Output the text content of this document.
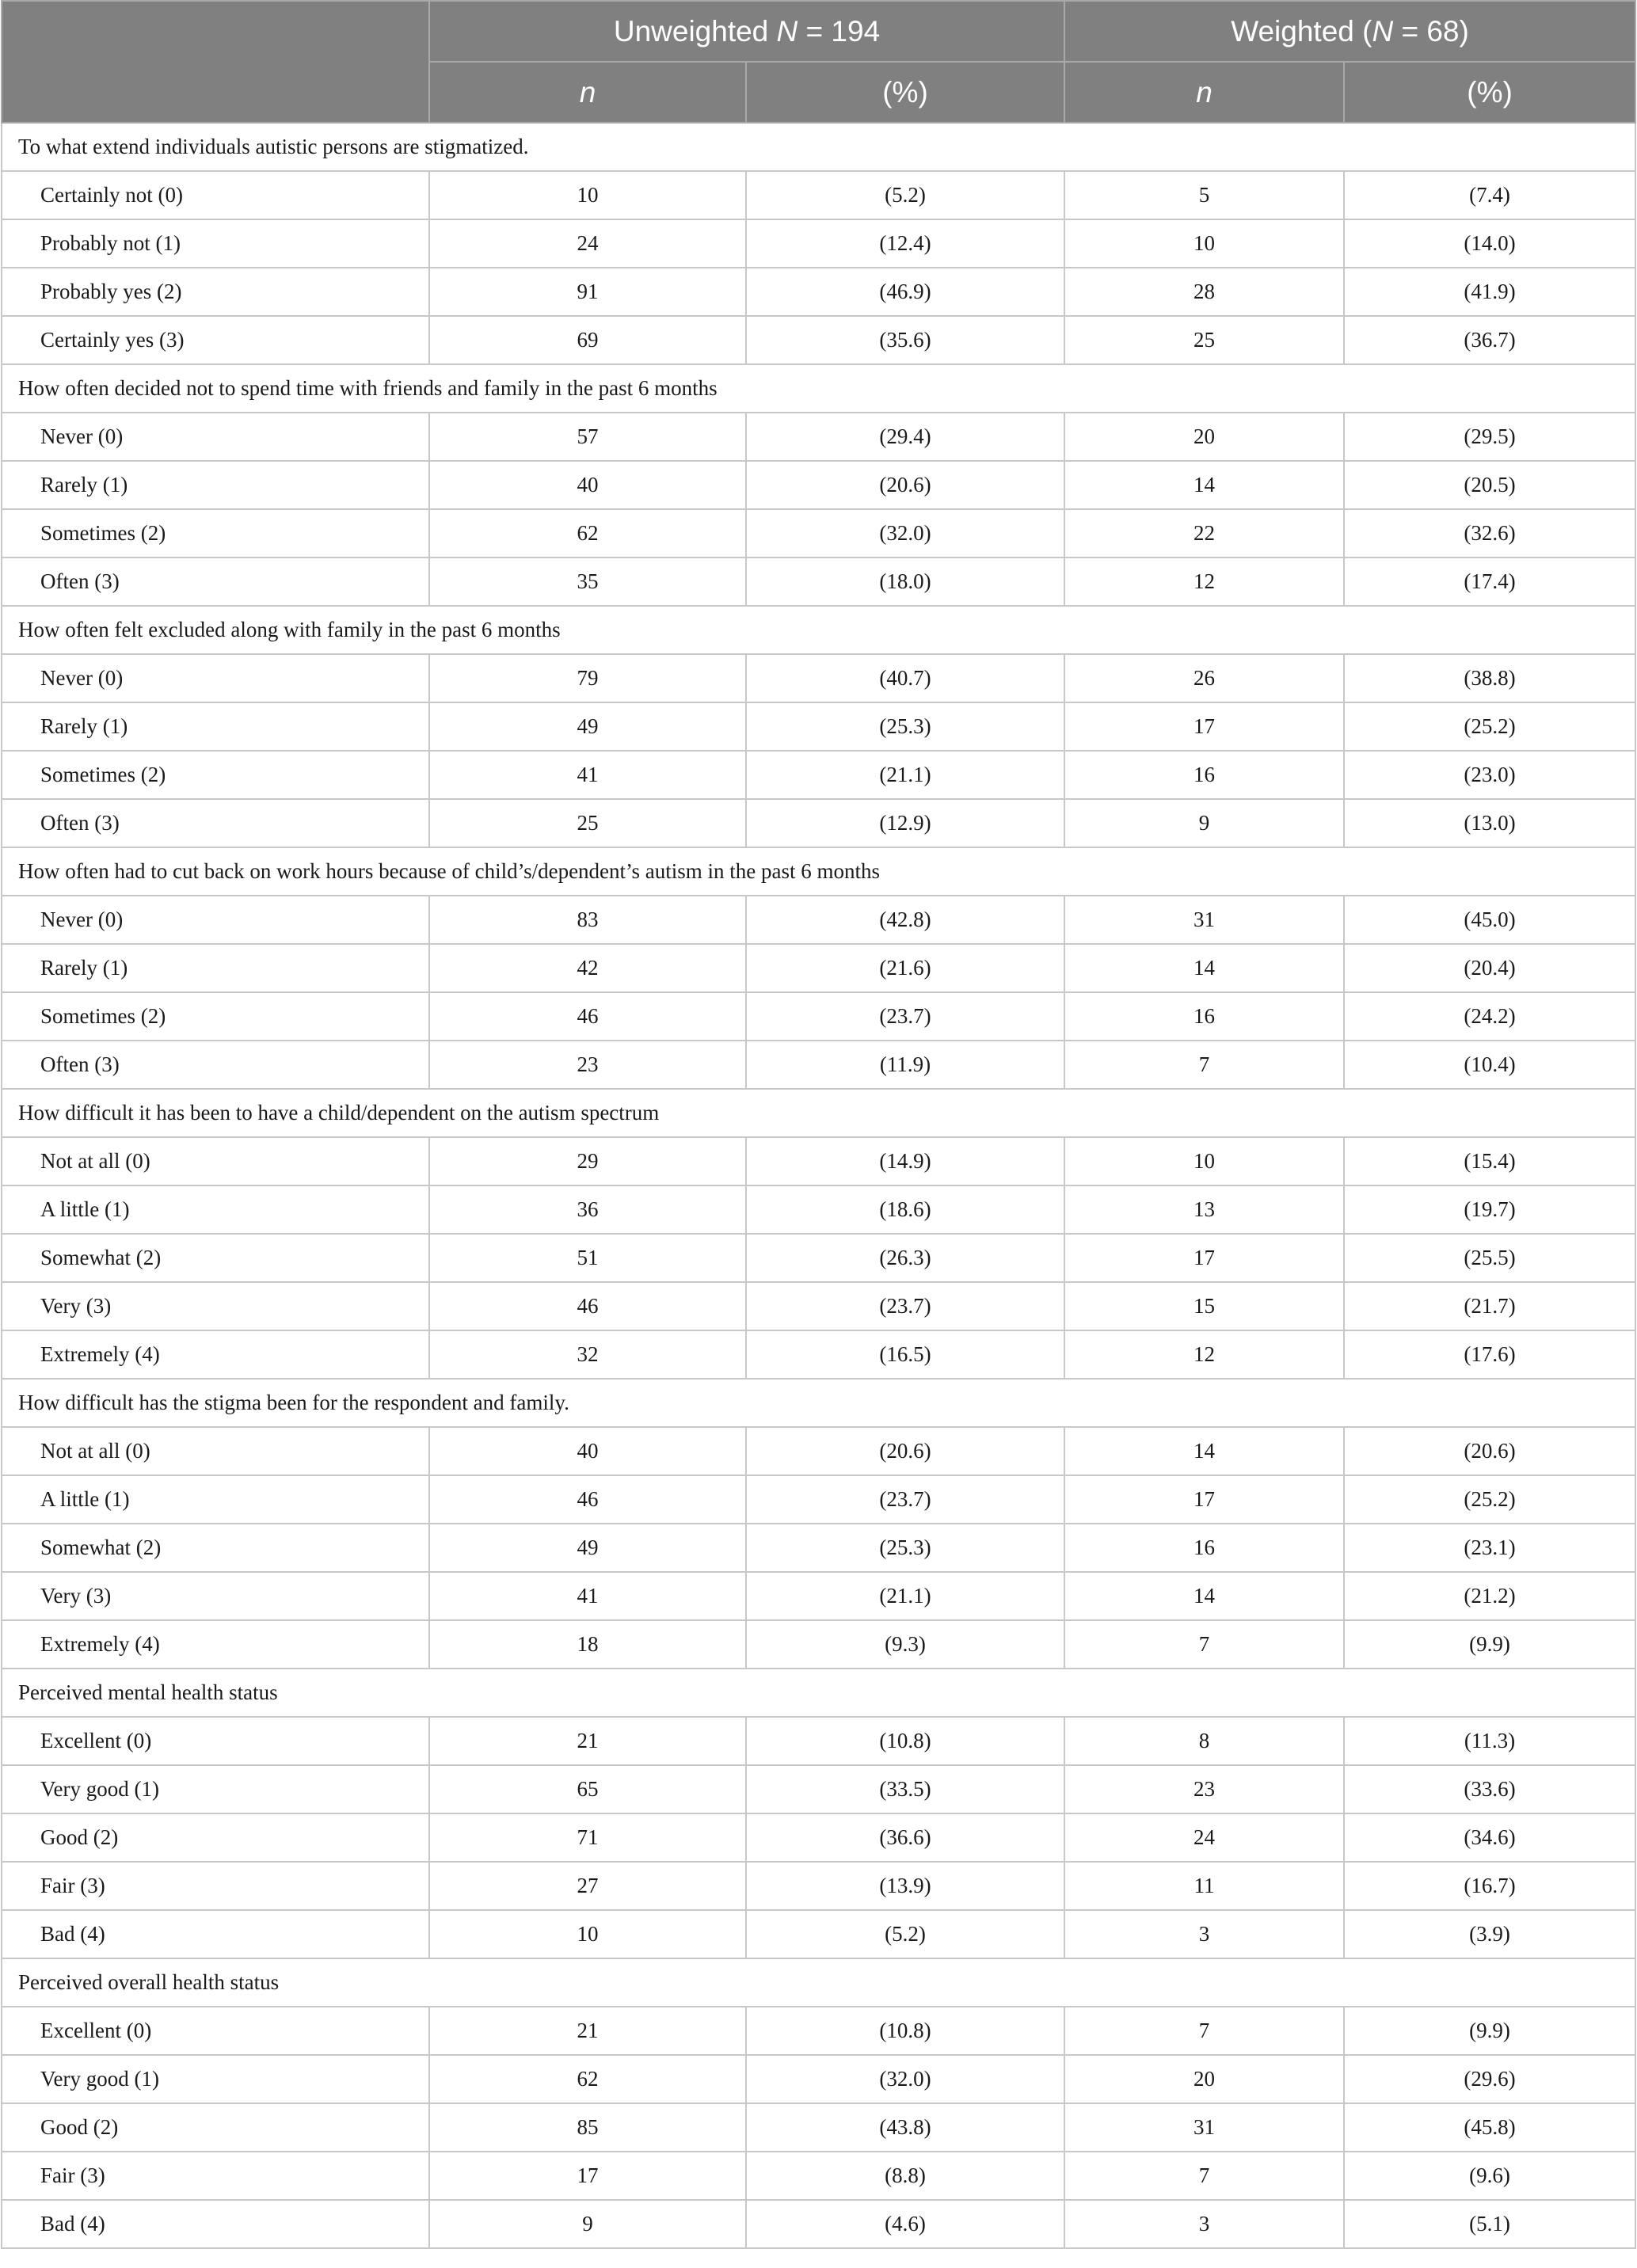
	Unweighted N = 194		Weighted (N = 68)	
	n	(%)	n	(%)
To what extend individuals autistic persons are stigmatized.				
Certainly not (0)	10	(5.2)	5	(7.4)
Probably not (1)	24	(12.4)	10	(14.0)
Probably yes (2)	91	(46.9)	28	(41.9)
Certainly yes (3)	69	(35.6)	25	(36.7)
How often decided not to spend time with friends and family in the past 6 months				
Never (0)	57	(29.4)	20	(29.5)
Rarely (1)	40	(20.6)	14	(20.5)
Sometimes (2)	62	(32.0)	22	(32.6)
Often (3)	35	(18.0)	12	(17.4)
How often felt excluded along with family in the past 6 months				
Never (0)	79	(40.7)	26	(38.8)
Rarely (1)	49	(25.3)	17	(25.2)
Sometimes (2)	41	(21.1)	16	(23.0)
Often (3)	25	(12.9)	9	(13.0)
How often had to cut back on work hours because of child’s/dependent’s autism in the past 6 months				
Never (0)	83	(42.8)	31	(45.0)
Rarely (1)	42	(21.6)	14	(20.4)
Sometimes (2)	46	(23.7)	16	(24.2)
Often (3)	23	(11.9)	7	(10.4)
How difficult it has been to have a child/dependent on the autism spectrum				
Not at all (0)	29	(14.9)	10	(15.4)
A little (1)	36	(18.6)	13	(19.7)
Somewhat (2)	51	(26.3)	17	(25.5)
Very (3)	46	(23.7)	15	(21.7)
Extremely (4)	32	(16.5)	12	(17.6)
How difficult has the stigma been for the respondent and family.				
Not at all (0)	40	(20.6)	14	(20.6)
A little (1)	46	(23.7)	17	(25.2)
Somewhat (2)	49	(25.3)	16	(23.1)
Very (3)	41	(21.1)	14	(21.2)
Extremely (4)	18	(9.3)	7	(9.9)
Perceived mental health status				
Excellent (0)	21	(10.8)	8	(11.3)
Very good (1)	65	(33.5)	23	(33.6)
Good (2)	71	(36.6)	24	(34.6)
Fair (3)	27	(13.9)	11	(16.7)
Bad (4)	10	(5.2)	3	(3.9)
Perceived overall health status				
Excellent (0)	21	(10.8)	7	(9.9)
Very good (1)	62	(32.0)	20	(29.6)
Good (2)	85	(43.8)	31	(45.8)
Fair (3)	17	(8.8)	7	(9.6)
Bad (4)	9	(4.6)	3	(5.1)
